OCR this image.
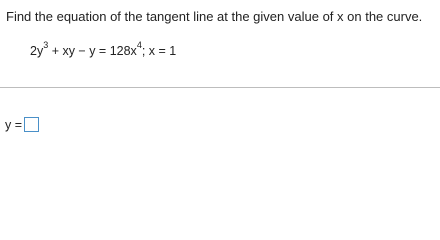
Find the equation of the tangent line at the given value of x on the curve.
$2y^3$ + xy − $y = 128x^4$; x = 1
y =
